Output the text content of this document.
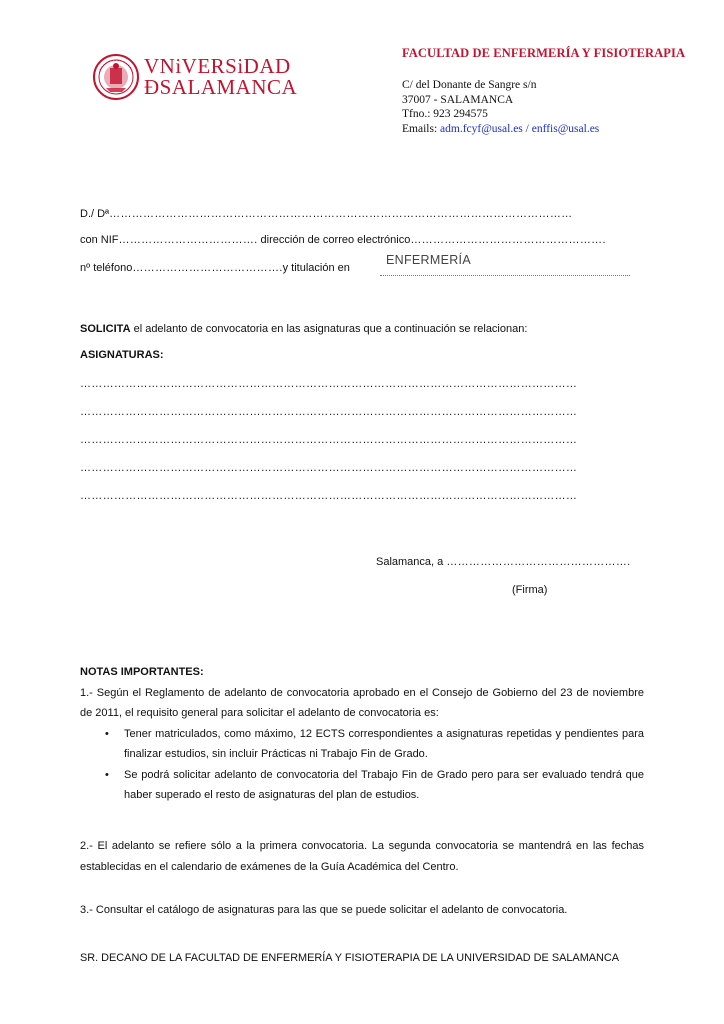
VNiVERSiDAD
ÐSALAMANCA
FACULTAD DE ENFERMERÍA Y FISIOTERAPIA
C/ del Donante de Sangre s/n
37007 - SALAMANCA
Tfno.: 923 294575
Emails: adm.fcyf@usal.es / enffis@usal.es
D./ Dª……………………………………………………………………………………………………………
con NIF………………………………. dirección de correo electrónico…………………………………………….
nº teléfono………………………………….y titulación en
ENFERMERÍA
SOLICITA el adelanto de convocatoria en las asignaturas que a continuación se relacionan:
ASIGNATURAS:
……………………………………………………………………………………………………………………
……………………………………………………………………………………………………………………
……………………………………………………………………………………………………………………
……………………………………………………………………………………………………………………
……………………………………………………………………………………………………………………
Salamanca, a ………………………………………….
(Firma)
NOTAS IMPORTANTES:
1.- Según el Reglamento de adelanto de convocatoria aprobado en el Consejo de Gobierno del 23 de noviembre de 2011, el requisito general para solicitar el adelanto de convocatoria es:
• Tener matriculados, como máximo, 12 ECTS correspondientes a asignaturas repetidas y pendientes para finalizar estudios, sin incluir Prácticas ni Trabajo Fin de Grado.
• Se podrá solicitar adelanto de convocatoria del Trabajo Fin de Grado pero para ser evaluado tendrá que haber superado el resto de asignaturas del plan de estudios.
2.- El adelanto se refiere sólo a la primera convocatoria. La segunda convocatoria se mantendrá en las fechas establecidas en el calendario de exámenes de la Guía Académica del Centro.
3.- Consultar el catálogo de asignaturas para las que se puede solicitar el adelanto de convocatoria.
SR. DECANO DE LA FACULTAD DE ENFERMERÍA Y FISIOTERAPIA DE LA UNIVERSIDAD DE SALAMANCA
